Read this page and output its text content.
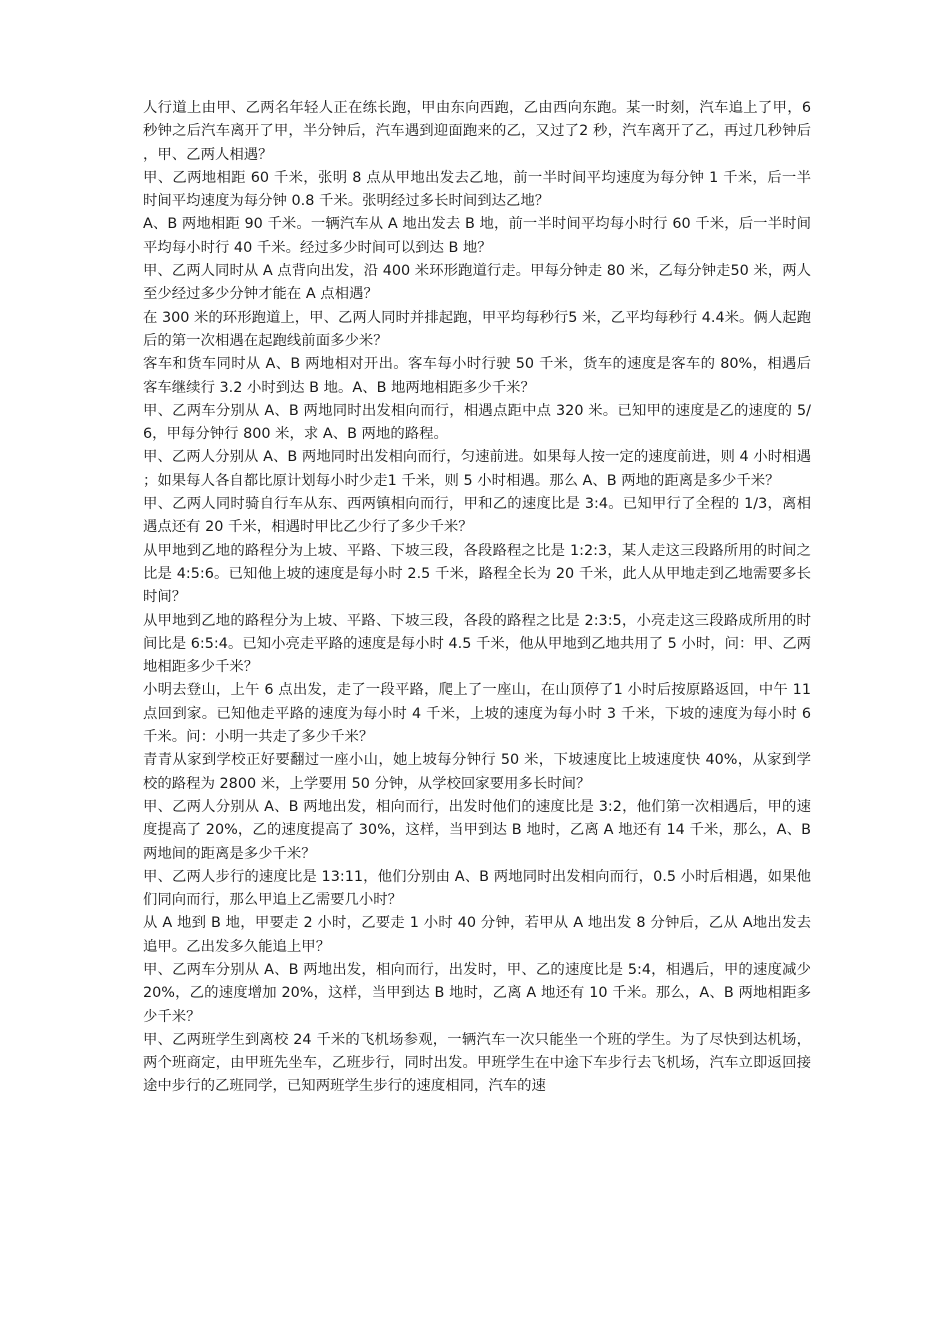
人行道上由甲、乙两名年轻人正在练长跑，甲由东向西跑，乙由西向东跑。某一时刻，汽车追上了甲，6 秒钟之后汽车离开了甲，半分钟后，汽车遇到迎面跑来的乙，又过了2 秒，汽车离开了乙，再过几秒钟后，甲、乙两人相遇？

甲、乙两地相距 60 千米，张明 8 点从甲地出发去乙地，前一半时间平均速度为每分钟 1 千米，后一半时间平均速度为每分钟 0.8 千米。张明经过多长时间到达乙地？

A、B 两地相距 90 千米。一辆汽车从 A 地出发去 B 地，前一半时间平均每小时行 60 千米，后一半时间平均每小时行 40 千米。经过多少时间可以到达 B 地？

甲、乙两人同时从 A 点背向出发，沿 400 米环形跑道行走。甲每分钟走 80 米，乙每分钟走50 米，两人至少经过多少分钟才能在 A 点相遇？

在 300 米的环形跑道上，甲、乙两人同时并排起跑，甲平均每秒行5 米，乙平均每秒行 4.4米。俩人起跑后的第一次相遇在起跑线前面多少米？

客车和货车同时从 A、B 两地相对开出。客车每小时行驶 50 千米，货车的速度是客车的 80%，相遇后客车继续行 3.2 小时到达 B 地。A、B 地两地相距多少千米？

甲、乙两车分别从 A、B 两地同时出发相向而行，相遇点距中点 320 米。已知甲的速度是乙的速度的 5/6，甲每分钟行 800 米，求 A、B 两地的路程。

甲、乙两人分别从 A、B 两地同时出发相向而行，匀速前进。如果每人按一定的速度前进，则 4 小时相遇；如果每人各自都比原计划每小时少走1 千米，则 5 小时相遇。那么 A、B 两地的距离是多少千米？

甲、乙两人同时骑自行车从东、西两镇相向而行，甲和乙的速度比是 3:4。已知甲行了全程的 1/3，离相遇点还有 20 千米，相遇时甲比乙少行了多少千米？

从甲地到乙地的路程分为上坡、平路、下坡三段，各段路程之比是 1:2:3，某人走这三段路所用的时间之比是 4:5:6。已知他上坡的速度是每小时 2.5 千米，路程全长为 20 千米，此人从甲地走到乙地需要多长时间？

从甲地到乙地的路程分为上坡、平路、下坡三段，各段的路程之比是 2:3:5，小亮走这三段路成所用的时间比是 6:5:4。已知小亮走平路的速度是每小时 4.5 千米，他从甲地到乙地共用了 5 小时，问：甲、乙两地相距多少千米？

小明去登山，上午 6 点出发，走了一段平路，爬上了一座山，在山顶停了1 小时后按原路返回，中午 11 点回到家。已知他走平路的速度为每小时 4 千米，上坡的速度为每小时 3 千米，下坡的速度为每小时 6 千米。问：小明一共走了多少千米？

青青从家到学校正好要翻过一座小山，她上坡每分钟行 50 米，下坡速度比上坡速度快 40%，从家到学校的路程为 2800 米，上学要用 50 分钟，从学校回家要用多长时间？

甲、乙两人分别从 A、B 两地出发，相向而行，出发时他们的速度比是 3:2，他们第一次相遇后，甲的速度提高了 20%，乙的速度提高了 30%，这样，当甲到达 B 地时，乙离 A 地还有 14 千米，那么，A、B 两地间的距离是多少千米？

甲、乙两人步行的速度比是 13:11，他们分别由 A、B 两地同时出发相向而行，0.5 小时后相遇，如果他们同向而行，那么甲追上乙需要几小时？

从 A 地到 B 地，甲要走 2 小时，乙要走 1 小时 40 分钟，若甲从 A 地出发 8 分钟后，乙从 A地出发去追甲。乙出发多久能追上甲？

甲、乙两车分别从 A、B 两地出发，相向而行，出发时，甲、乙的速度比是 5:4，相遇后，甲的速度减少 20%，乙的速度增加 20%，这样，当甲到达 B 地时，乙离 A 地还有 10 千米。那么，A、B 两地相距多少千米？

甲、乙两班学生到离校 24 千米的飞机场参观，一辆汽车一次只能坐一个班的学生。为了尽快到达机场，两个班商定，由甲班先坐车，乙班步行，同时出发。甲班学生在中途下车步行去飞机场，汽车立即返回接途中步行的乙班同学，已知两班学生步行的速度相同，汽车的速
